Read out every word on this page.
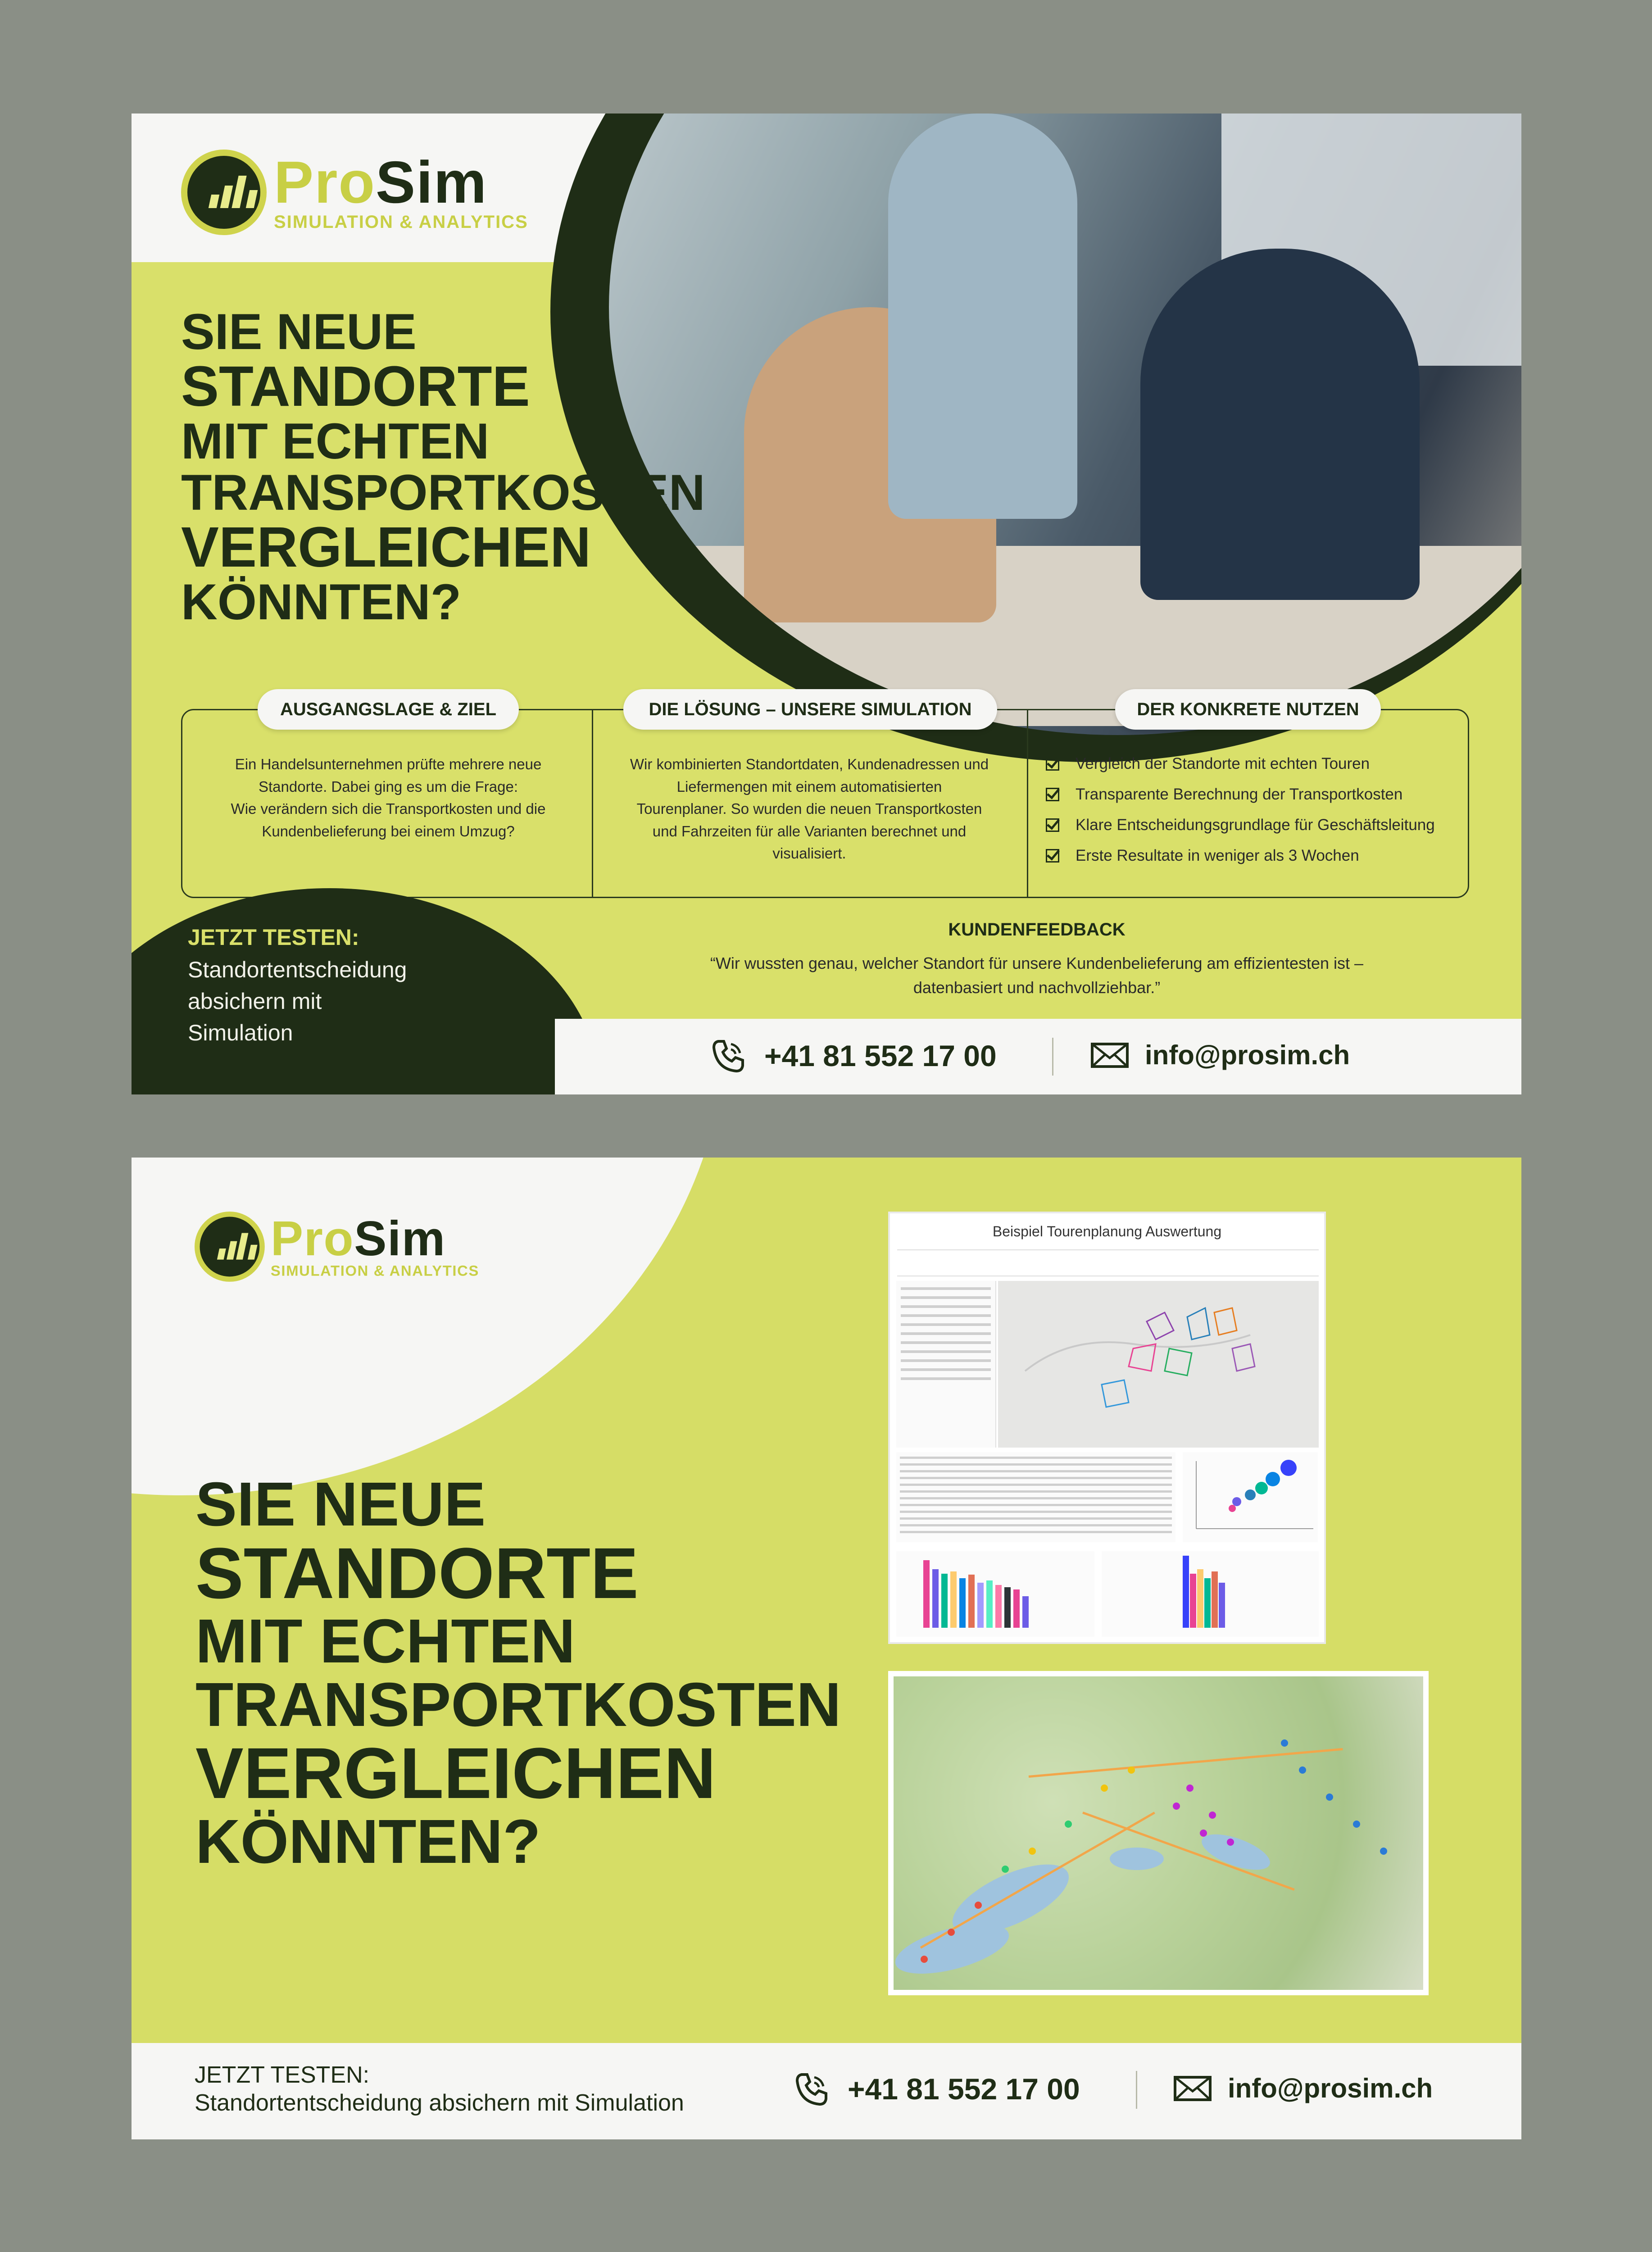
ProSim
SIMULATION & ANALYTICS
SIE NEUE
STANDORTE
MIT ECHTEN
TRANSPORTKOSTEN
VERGLEICHEN
KÖNNTEN?
AUSGANGSLAGE & ZIEL	DIE LÖSUNG – UNSERE SIMULATION	DER KONKRETE NUTZEN
Ein Handelsunternehmen prüfte mehrere neue
Standorte. Dabei ging es um die Frage:
Wie verändern sich die Transportkosten und die
Kundenbelieferung bei einem Umzug?
Wir kombinierten Standortdaten, Kundenadressen und
Liefermengen mit einem automatisierten
Tourenplaner. So wurden die neuen Transportkosten
und Fahrzeiten für alle Varianten berechnet und
visualisiert.
Vergleich der Standorte mit echten Touren
Transparente Berechnung der Transportkosten
Klare Entscheidungsgrundlage für Geschäftsleitung
Erste Resultate in weniger als 3 Wochen
JETZT TESTEN:
Standortentscheidung
absichern mit
Simulation
KUNDENFEEDBACK
“Wir wussten genau, welcher Standort für unsere Kundenbelieferung am effizientesten ist –
datenbasiert und nachvollziehbar.”
+41 81 552 17 00	info@prosim.ch
ProSim
SIMULATION & ANALYTICS
SIE NEUE
STANDORTE
MIT ECHTEN
TRANSPORTKOSTEN
VERGLEICHEN
KÖNNTEN?
Beispiel Tourenplanung Auswertung
JETZT TESTEN:
Standortentscheidung absichern mit Simulation	+41 81 552 17 00	info@prosim.ch
